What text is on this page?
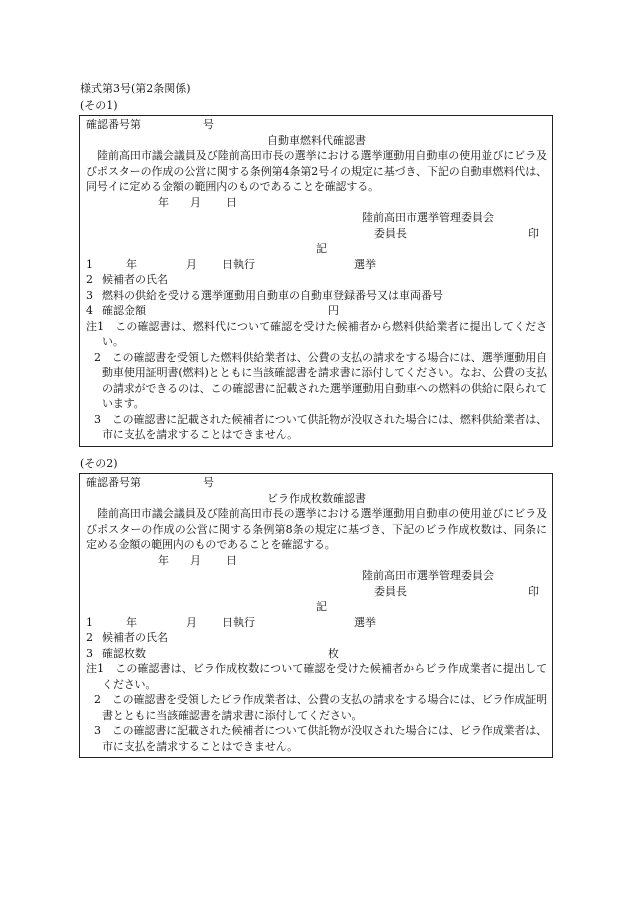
様式第3号(第2条関係)
(その1)
確認番号第	号
自動車燃料代確認書

陸前高田市議会議員及び陸前高田市長の選挙における選挙運動用自動車の使用並びにビラ及びポスターの作成の公営に関する条例第4条第2号イの規定に基づき、下記の自動車燃料代は、同号イに定める金額の範囲内のものであることを確認する。

年 月 日
陸前高田市選挙管理委員会
委員長	印
記
1	年	月 日執行	選挙
2 候補者の氏名
3 燃料の供給を受ける選挙運動用自動車の自動車登録番号又は車両番号
4 確認金額	円

注1　この確認書は、燃料代について確認を受けた候補者から燃料供給業者に提出してください。

2　この確認書を受領した燃料供給業者は、公費の支払の請求をする場合には、選挙運動用自動車使用証明書(燃料)とともに当該確認書を請求書に添付してください。なお、公費の支払の請求ができるのは、この確認書に記載された選挙運動用自動車への燃料の供給に限られています。

3　この確認書に記載された候補者について供託物が没収された場合には、燃料供給業者は、市に支払を請求することはできません。

(その2)
確認番号第	号
ビラ作成枚数確認書

陸前高田市議会議員及び陸前高田市長の選挙における選挙運動用自動車の使用並びにビラ及びポスターの作成の公営に関する条例第8条の規定に基づき、下記のビラ作成枚数は、同条に定める金額の範囲内のものであることを確認する。

年 月 日
陸前高田市選挙管理委員会
委員長	印
記
1	年	月 日執行	選挙
2 候補者の氏名
3 確認枚数	枚

注1　この確認書は、ビラ作成枚数について確認を受けた候補者からビラ作成業者に提出してください。

2　この確認書を受領したビラ作成業者は、公費の支払の請求をする場合には、ビラ作成証明書とともに当該確認書を請求書に添付してください。

3　この確認書に記載された候補者について供託物が没収された場合には、ビラ作成業者は、市に支払を請求することはできません。
